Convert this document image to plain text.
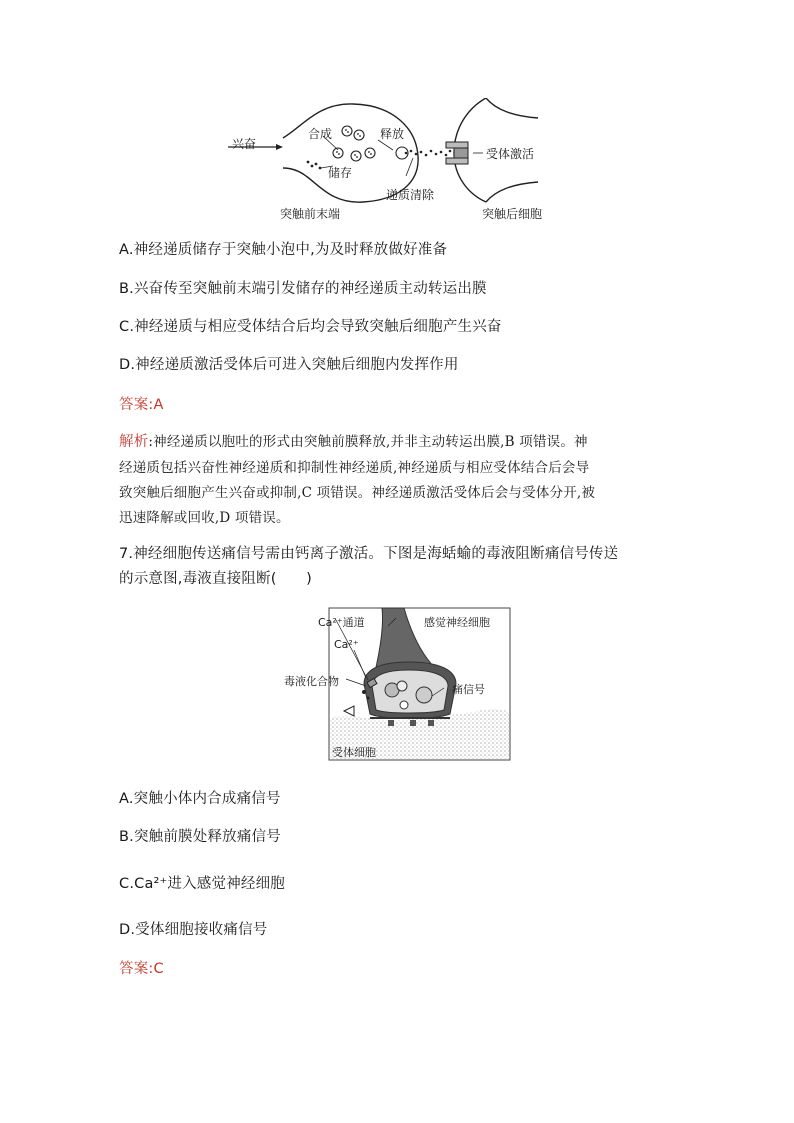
兴奋
合成
储存
释放
受体激活
递质清除
突触前末端	突触后细胞
A.神经递质储存于突触小泡中,为及时释放做好准备
B.兴奋传至突触前末端引发储存的神经递质主动转运出膜
C.神经递质与相应受体结合后均会导致突触后细胞产生兴奋
D.神经递质激活受体后可进入突触后细胞内发挥作用
答案:A
解析:神经递质以胞吐的形式由突触前膜释放,并非主动转运出膜,B 项错误。神
经递质包括兴奋性神经递质和抑制性神经递质,神经递质与相应受体结合后会导
致突触后细胞产生兴奋或抑制,C 项错误。神经递质激活受体后会与受体分开,被
迅速降解或回收,D 项错误。
7.神经细胞传送痛信号需由钙离子激活。下图是海蛞蝓的毒液阻断痛信号传送
的示意图,毒液直接阻断(　　)
Ca²⁺通道
Ca²⁺
感觉神经细胞
毒液化合物
痛信号
受体细胞
A.突触小体内合成痛信号
B.突触前膜处释放痛信号
C.Ca²⁺进入感觉神经细胞
D.受体细胞接收痛信号
答案:C
